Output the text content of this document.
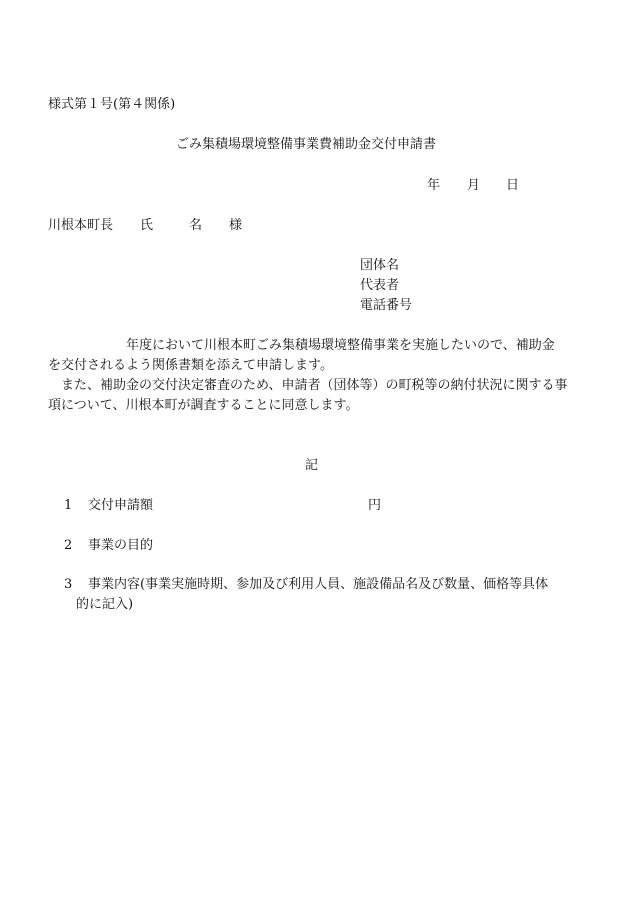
様式第１号(第４関係)

ごみ集積場環境整備事業費補助金交付申請書

年 月 日
川根本町長 氏	名 様
団体名
代表者
電話番号
年度において川根本町ごみ集積場環境整備事業を実施したいので、補助金
を交付されるよう関係書類を添えて申請します。
また、補助金の交付決定審査のため、申請者（団体等）の町税等の納付状況に関する事
項について、川根本町が調査することに同意します。

記

1 交付申請額	円
2 事業の目的
3 事業内容(事業実施時期、参加及び利用人員、施設備品名及び数量、価格等具体
的に記入)
